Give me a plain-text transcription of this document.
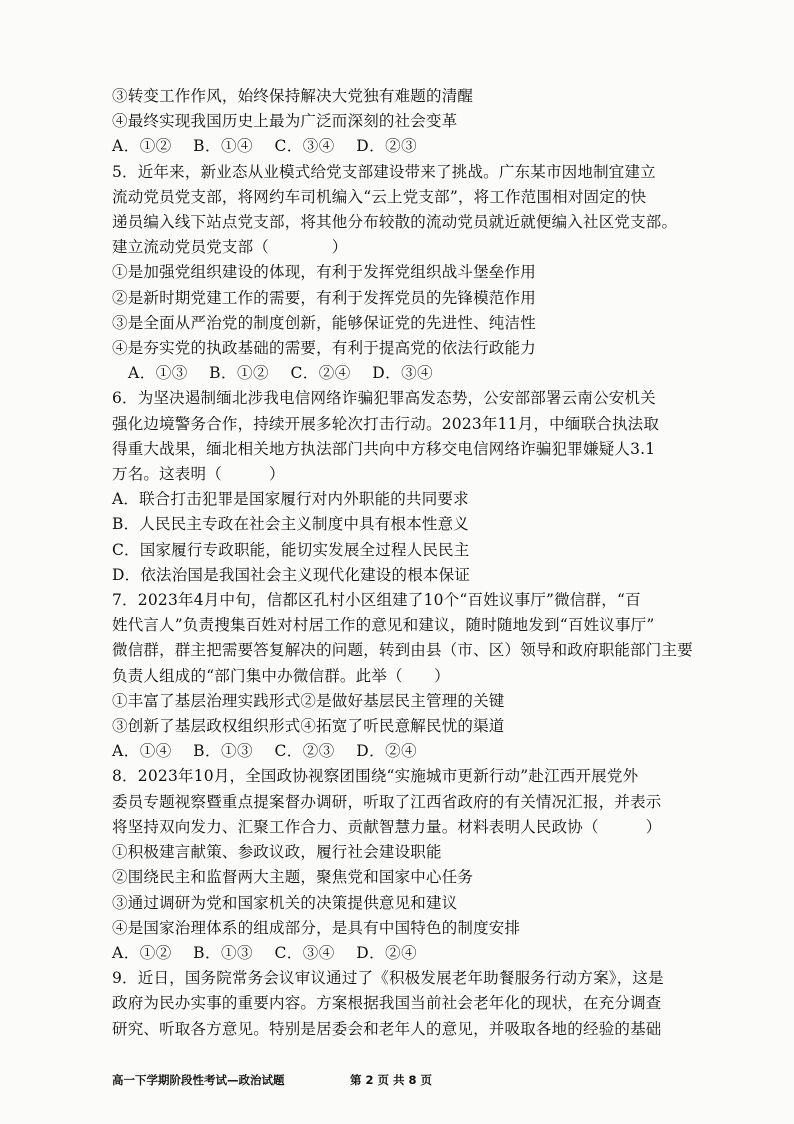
③转变工作作风，始终保持解决大党独有难题的清醒
④最终实现我国历史上最为广泛而深刻的社会变革
A．①②　 B．①④　 C．③④　 D．②③
5．近年来，新业态从业模式给党支部建设带来了挑战。广东某市因地制宜建立
流动党员党支部，将网约车司机编入“云上党支部”，将工作范围相对固定的快
递员编入线下站点党支部，将其他分布较散的流动党员就近就便编入社区党支部。
建立流动党员党支部（　　　　）
①是加强党组织建设的体现，有利于发挥党组织战斗堡垒作用
②是新时期党建工作的需要，有利于发挥党员的先锋模范作用
③是全面从严治党的制度创新，能够保证党的先进性、纯洁性
④是夯实党的执政基础的需要，有利于提高党的依法行政能力
　A．①③　 B．①②　 C．②④　 D．③④
6．为坚决遏制缅北涉我电信网络诈骗犯罪高发态势，公安部部署云南公安机关
强化边境警务合作，持续开展多轮次打击行动。2023年11月，中缅联合执法取
得重大战果，缅北相关地方执法部门共向中方移交电信网络诈骗犯罪嫌疑人3.1
万名。这表明（　　　）
A．联合打击犯罪是国家履行对内外职能的共同要求
B．人民民主专政在社会主义制度中具有根本性意义
C．国家履行专政职能，能切实发展全过程人民民主
D．依法治国是我国社会主义现代化建设的根本保证
7．2023年4月中旬，信都区孔村小区组建了10个“百姓议事厅”微信群，“百
姓代言人”负责搜集百姓对村居工作的意见和建议，随时随地发到“百姓议事厅”
微信群，群主把需要答复解决的问题，转到由县（市、区）领导和政府职能部门主要
负责人组成的“部门集中办微信群。此举（　　）
①丰富了基层治理实践形式②是做好基层民主管理的关键
③创新了基层政权组织形式④拓宽了听民意解民忧的渠道
A．①④　 B．①③　 C．②③　 D．②④
8．2023年10月，全国政协视察团围绕“实施城市更新行动”赴江西开展党外
委员专题视察暨重点提案督办调研，听取了江西省政府的有关情况汇报，并表示
将坚持双向发力、汇聚工作合力、贡献智慧力量。材料表明人民政协（　　　）
①积极建言献策、参政议政，履行社会建设职能
②围绕民主和监督两大主题，聚焦党和国家中心任务
③通过调研为党和国家机关的决策提供意见和建议
④是国家治理体系的组成部分，是具有中国特色的制度安排
A．①②　 B．①③　 C．③④　 D．②④
9．近日，国务院常务会议审议通过了《积极发展老年助餐服务行动方案》，这是
政府为民办实事的重要内容。方案根据我国当前社会老年化的现状，在充分调查
研究、听取各方意见。特别是居委会和老年人的意见，并吸取各地的经验的基础
高一下学期阶段性考试—政治试题	第 2 页 共 8 页
